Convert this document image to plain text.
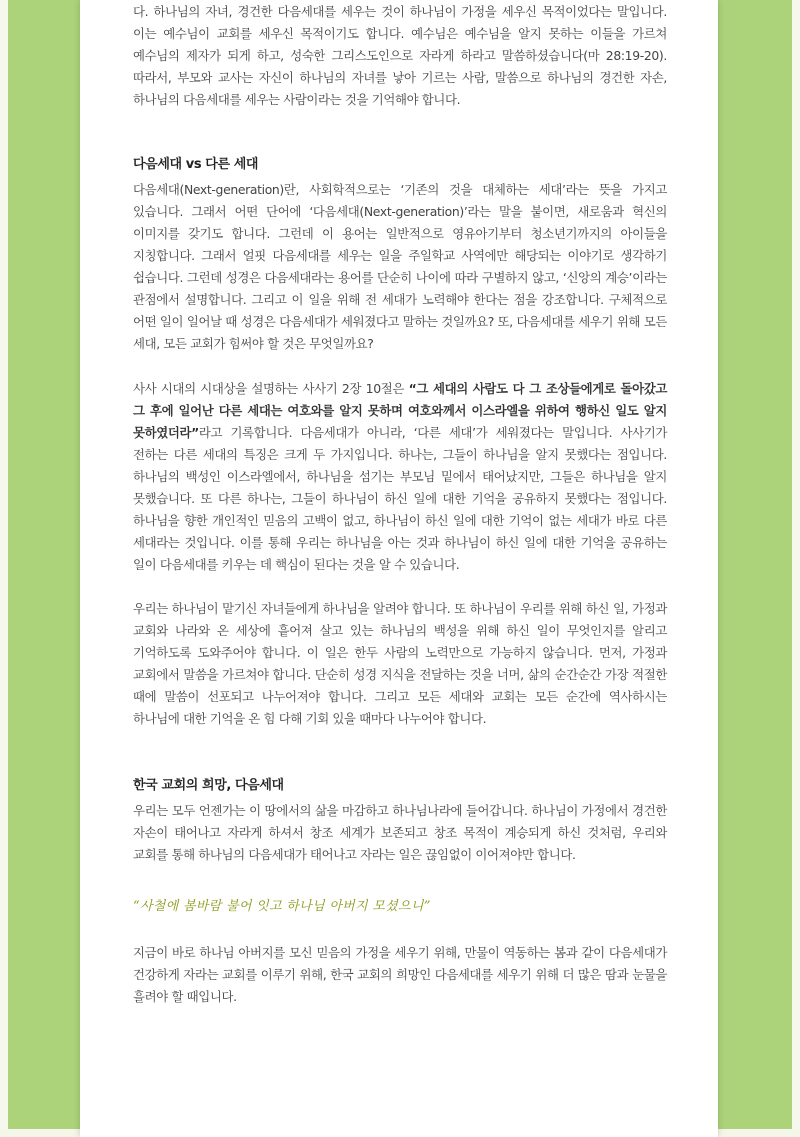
다. 하나님의 자녀, 경건한 다음세대를 세우는 것이 하나님이 가정을 세우신 목적이었다는 말입니다. 이는 예수님이 교회를 세우신 목적이기도 합니다. 예수님은 예수님을 알지 못하는 이들을 가르쳐 예수님의 제자가 되게 하고, 성숙한 그리스도인으로 자라게 하라고 말씀하셨습니다(마 28:19-20). 따라서, 부모와 교사는 자신이 하나님의 자녀를 낳아 기르는 사람, 말씀으로 하나님의 경건한 자손, 하나님의 다음세대를 세우는 사람이라는 것을 기억해야 합니다.

다음세대 vs 다른 세대

다음세대(Next-generation)란, 사회학적으로는 ‘기존의 것을 대체하는 세대’라는 뜻을 가지고 있습니다. 그래서 어떤 단어에 ‘다음세대(Next-generation)’라는 말을 붙이면, 새로움과 혁신의 이미지를 갖기도 합니다. 그런데 이 용어는 일반적으로 영유아기부터 청소년기까지의 아이들을 지칭합니다. 그래서 얼핏 다음세대를 세우는 일을 주일학교 사역에만 해당되는 이야기로 생각하기 쉽습니다. 그런데 성경은 다음세대라는 용어를 단순히 나이에 따라 구별하지 않고, ‘신앙의 계승’이라는 관점에서 설명합니다. 그리고 이 일을 위해 전 세대가 노력해야 한다는 점을 강조합니다. 구체적으로 어떤 일이 일어날 때 성경은 다음세대가 세워졌다고 말하는 것일까요? 또, 다음세대를 세우기 위해 모든 세대, 모든 교회가 힘써야 할 것은 무엇일까요?

사사 시대의 시대상을 설명하는 사사기 2장 10절은 “그 세대의 사람도 다 그 조상들에게로 돌아갔고 그 후에 일어난 다른 세대는 여호와를 알지 못하며 여호와께서 이스라엘을 위하여 행하신 일도 알지 못하였더라”라고 기록합니다. 다음세대가 아니라, ‘다른 세대’가 세워졌다는 말입니다. 사사기가 전하는 다른 세대의 특징은 크게 두 가지입니다. 하나는, 그들이 하나님을 알지 못했다는 점입니다. 하나님의 백성인 이스라엘에서, 하나님을 섬기는 부모님 밑에서 태어났지만, 그들은 하나님을 알지 못했습니다. 또 다른 하나는, 그들이 하나님이 하신 일에 대한 기억을 공유하지 못했다는 점입니다. 하나님을 향한 개인적인 믿음의 고백이 없고, 하나님이 하신 일에 대한 기억이 없는 세대가 바로 다른 세대라는 것입니다. 이를 통해 우리는 하나님을 아는 것과 하나님이 하신 일에 대한 기억을 공유하는 일이 다음세대를 키우는 데 핵심이 된다는 것을 알 수 있습니다.

우리는 하나님이 맡기신 자녀들에게 하나님을 알려야 합니다. 또 하나님이 우리를 위해 하신 일, 가정과 교회와 나라와 온 세상에 흩어져 살고 있는 하나님의 백성을 위해 하신 일이 무엇인지를 알리고 기억하도록 도와주어야 합니다. 이 일은 한두 사람의 노력만으로 가능하지 않습니다. 먼저, 가정과 교회에서 말씀을 가르쳐야 합니다. 단순히 성경 지식을 전달하는 것을 너머, 삶의 순간순간 가장 적절한 때에 말씀이 선포되고 나누어져야 합니다. 그리고 모든 세대와 교회는 모든 순간에 역사하시는 하나님에 대한 기억을 온 힘 다해 기회 있을 때마다 나누어야 합니다.

한국 교회의 희망, 다음세대

우리는 모두 언젠가는 이 땅에서의 삶을 마감하고 하나님나라에 들어갑니다. 하나님이 가정에서 경건한 자손이 태어나고 자라게 하셔서 창조 세계가 보존되고 창조 목적이 계승되게 하신 것처럼, 우리와 교회를 통해 하나님의 다음세대가 태어나고 자라는 일은 끊임없이 이어져야만 합니다.

“사철에 봄바람 불어 잇고 하나님 아버지 모셨으니”

지금이 바로 하나님 아버지를 모신 믿음의 가정을 세우기 위해, 만물이 역동하는 봄과 같이 다음세대가 건강하게 자라는 교회를 이루기 위해, 한국 교회의 희망인 다음세대를 세우기 위해 더 많은 땀과 눈물을 흘려야 할 때입니다.
